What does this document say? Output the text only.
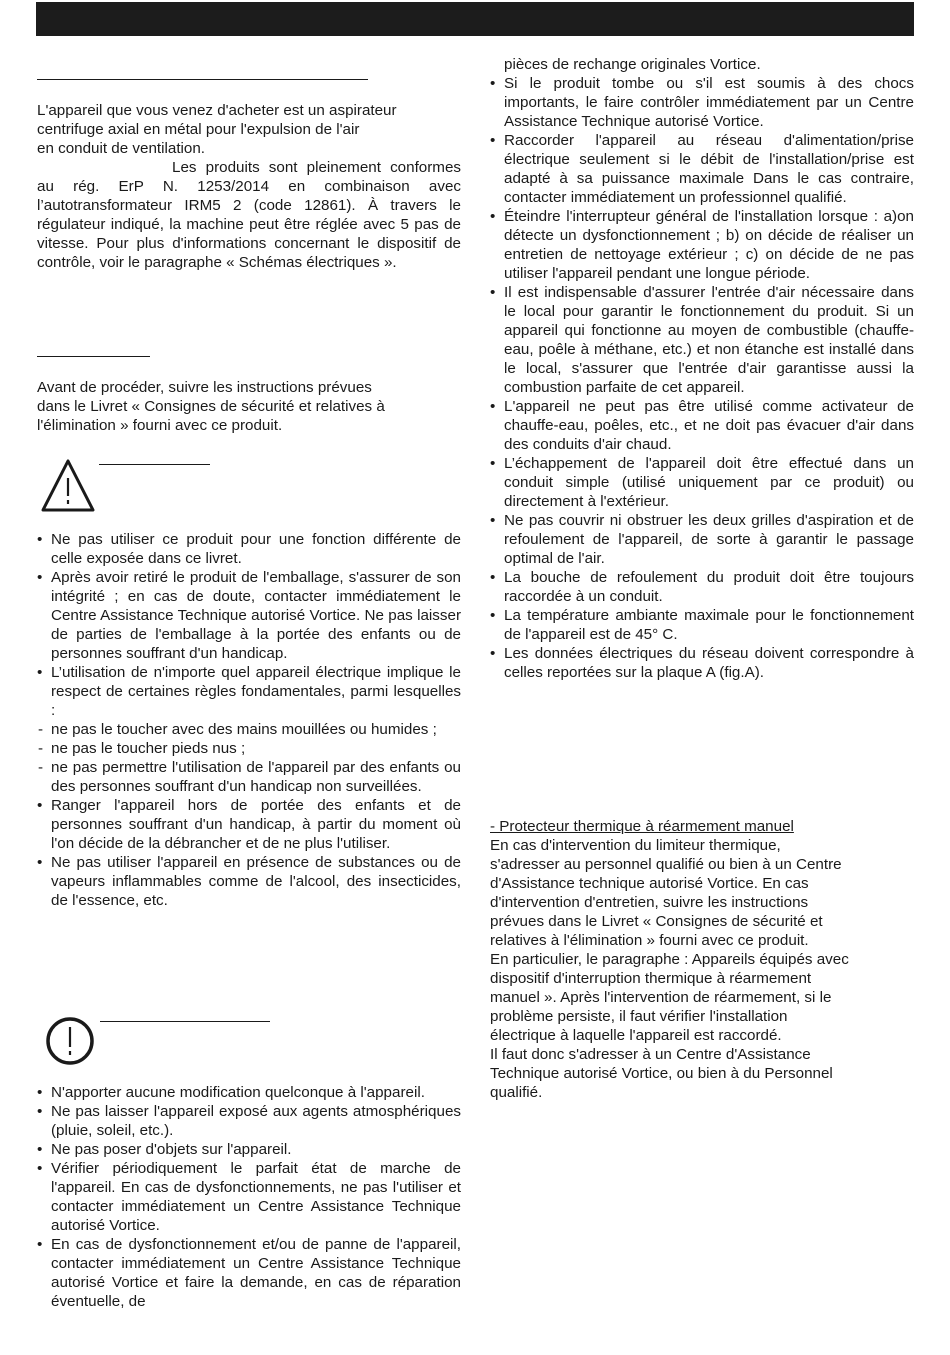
L'appareil que vous venez d'acheter est un aspirateur
centrifuge axial en métal pour l'expulsion de l'air
en conduit de ventilation.
Les produits sont pleinement conformes au rég. ErP N. 1253/2014 en combinaison avec l’autotransformateur IRM5 2 (code 12861). À travers le régulateur indiqué, la machine peut être réglée avec 5 pas de vitesse. Pour plus d'informations concernant le dispositif de contrôle, voir le paragraphe « Schémas électriques ».
Avant de procéder, suivre les instructions prévues
dans le Livret « Consignes de sécurité et relatives à
l'élimination » fourni avec ce produit.
• Ne pas utiliser ce produit pour une fonction différente de celle exposée dans ce livret.
• Après avoir retiré le produit de l'emballage, s'assurer de son intégrité ; en cas de doute, contacter immédiatement le Centre Assistance Technique autorisé Vortice. Ne pas laisser de parties de l'emballage à la portée des enfants ou de personnes souffrant d'un handicap.
• L’utilisation de n'importe quel appareil électrique implique le respect de certaines règles fondamentales, parmi lesquelles :
- ne pas le toucher avec des mains mouillées ou humides ;
- ne pas le toucher pieds nus ;
- ne pas permettre l'utilisation de l'appareil par des enfants ou des personnes souffrant d'un handicap non surveillées.
• Ranger l'appareil hors de portée des enfants et de personnes souffrant d'un handicap, à partir du moment où l'on décide de la débrancher et de ne plus l'utiliser.
• Ne pas utiliser l'appareil en présence de substances ou de vapeurs inflammables comme de l'alcool, des insecticides, de l'essence, etc.
• N'apporter aucune modification quelconque à l'appareil.
• Ne pas laisser l'appareil exposé aux agents atmosphériques (pluie, soleil, etc.).
• Ne pas poser d'objets sur l'appareil.
• Vérifier périodiquement le parfait état de marche de l'appareil. En cas de dysfonctionnements, ne pas l'utiliser et contacter immédiatement un Centre Assistance Technique autorisé Vortice.
• En cas de dysfonctionnement et/ou de panne de l'appareil, contacter immédiatement un Centre Assistance Technique autorisé Vortice et faire la demande, en cas de réparation éventuelle, de
pièces de rechange originales Vortice.
• Si le produit tombe ou s'il est soumis à des chocs importants, le faire contrôler immédiatement par un Centre Assistance Technique autorisé Vortice.
• Raccorder l'appareil au réseau d'alimentation/prise électrique seulement si le débit de l'installation/prise est adapté à sa puissance maximale Dans le cas contraire, contacter immédiatement un professionnel qualifié.
• Éteindre l'interrupteur général de l'installation lorsque : a)on détecte un dysfonctionnement ; b) on décide de réaliser un entretien de nettoyage extérieur ; c) on décide de ne pas utiliser l'appareil pendant une longue période.
• Il est indispensable d'assurer l'entrée d'air nécessaire dans le local pour garantir le fonctionnement du produit. Si un appareil qui fonctionne au moyen de combustible (chauffe-eau, poêle à méthane, etc.) et non étanche est installé dans le local, s'assurer que l'entrée d'air garantisse aussi la combustion parfaite de cet appareil.
• L'appareil ne peut pas être utilisé comme activateur de chauffe-eau, poêles, etc., et ne doit pas évacuer d'air dans des conduits d'air chaud.
• L’échappement de l'appareil doit être effectué dans un conduit simple (utilisé uniquement par ce produit) ou directement à l'extérieur.
• Ne pas couvrir ni obstruer les deux grilles d'aspiration et de refoulement de l'appareil, de sorte à garantir le passage optimal de l'air.
• La bouche de refoulement du produit doit être toujours raccordée à un conduit.
• La température ambiante maximale pour le fonctionnement de l'appareil est de 45° C.
• Les données électriques du réseau doivent correspondre à celles reportées sur la plaque A (fig.A).
- Protecteur thermique à réarmement manuel
En cas d'intervention du limiteur thermique,
s'adresser au personnel qualifié ou bien à un Centre
d'Assistance technique autorisé Vortice. En cas
d'intervention d'entretien, suivre les instructions
prévues dans le Livret « Consignes de sécurité et
relatives à l'élimination » fourni avec ce produit.
En particulier, le paragraphe : Appareils équipés avec
dispositif d'interruption thermique à réarmement
manuel ». Après l'intervention de réarmement, si le
problème persiste, il faut vérifier l'installation
électrique à laquelle l'appareil est raccordé.
Il faut donc s'adresser à un Centre d'Assistance
Technique autorisé Vortice, ou bien à du Personnel
qualifié.
